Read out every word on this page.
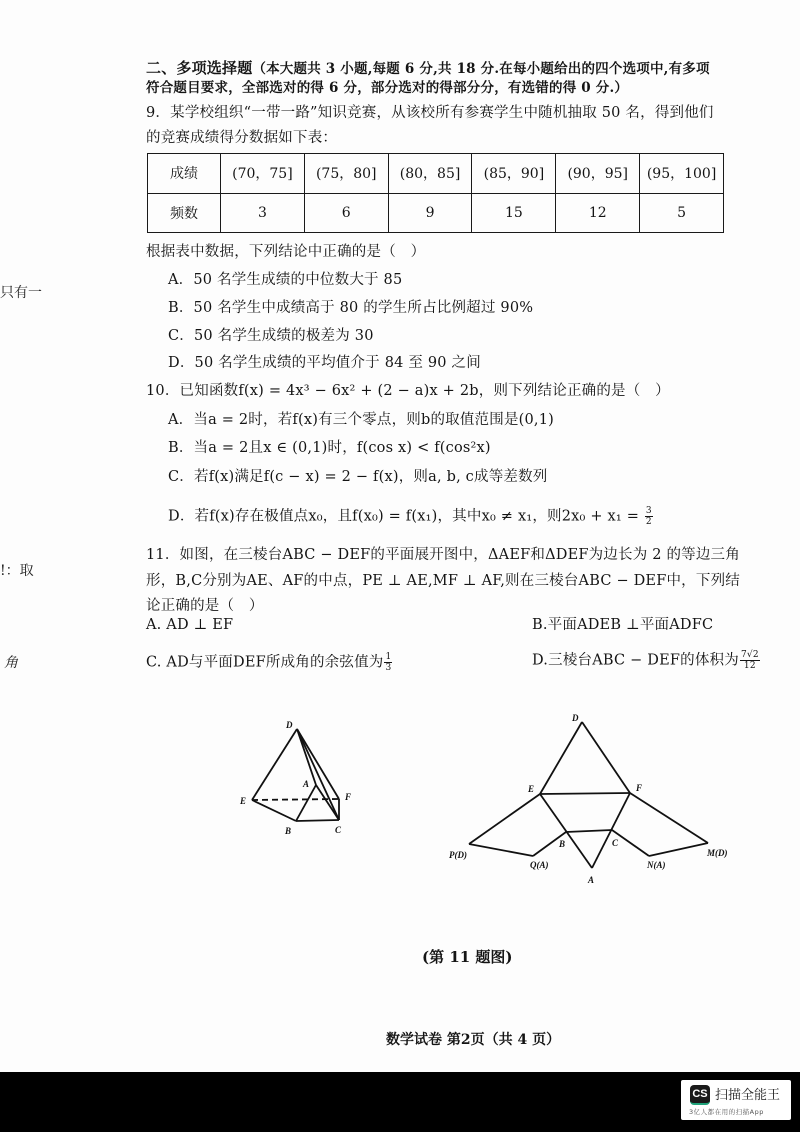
只有一
!：取
角
二、多项选择题（本大题共 3 小题,每题 6 分,共 18 分.在每小题给出的四个选项中,有多项
符合题目要求，全部选对的得 6 分，部分选对的得部分分，有选错的得 0 分.）
9．某学校组织“一带一路”知识竞赛，从该校所有参赛学生中随机抽取 50 名，得到他们
的竞赛成绩得分数据如下表：
成绩	(70，75]	(75，80]	(80，85]	(85，90]	(90，95]	(95，100]
频数	3	6	9	15	12	5
根据表中数据，下列结论中正确的是（　）
A．50 名学生成绩的中位数大于 85
B．50 名学生中成绩高于 80 的学生所占比例超过 90%
C．50 名学生成绩的极差为 30
D．50 名学生成绩的平均值介于 84 至 90 之间
10．已知函数f(x) = 4x³ − 6x² + (2 − a)x + 2b，则下列结论正确的是（　）
A．当a = 2时，若f(x)有三个零点，则b的取值范围是(0,1)
B．当a = 2且x ∈ (0,1)时，f(cos x) < f(cos²x)
C．若f(x)满足f(c − x) = 2 − f(x)，则a, b, c成等差数列
D．若f(x)存在极值点x₀，且f(x₀) = f(x₁)，其中x₀ ≠ x₁，则$2x_0 + x_1 = \frac{3}{2}$
11．如图，在三棱台ABC − DEF的平面展开图中，ΔAEF和ΔDEF为边长为 2 的等边三角
形，B,C分别为AE、AF的中点，PE ⊥ AE,MF ⊥ AF,则在三棱台ABC − DEF中，下列结
论正确的是（　）
A. AD ⊥ EF	B.平面ADEB ⊥平面ADFC
C. AD与平面DEF所成角的余弦值为 $\frac{1}{3}$	D.三棱台ABC − DEF的体积为 $\frac{7√2}{12}$
D
E	F
A
B	C
D
E	F
B	C
A
P(D)
Q(A)	N(A)
M(D)
(第 11 题图)
数学试卷 第2页（共 4 页）
CS 扫描全能王
3亿人都在用的扫描App
